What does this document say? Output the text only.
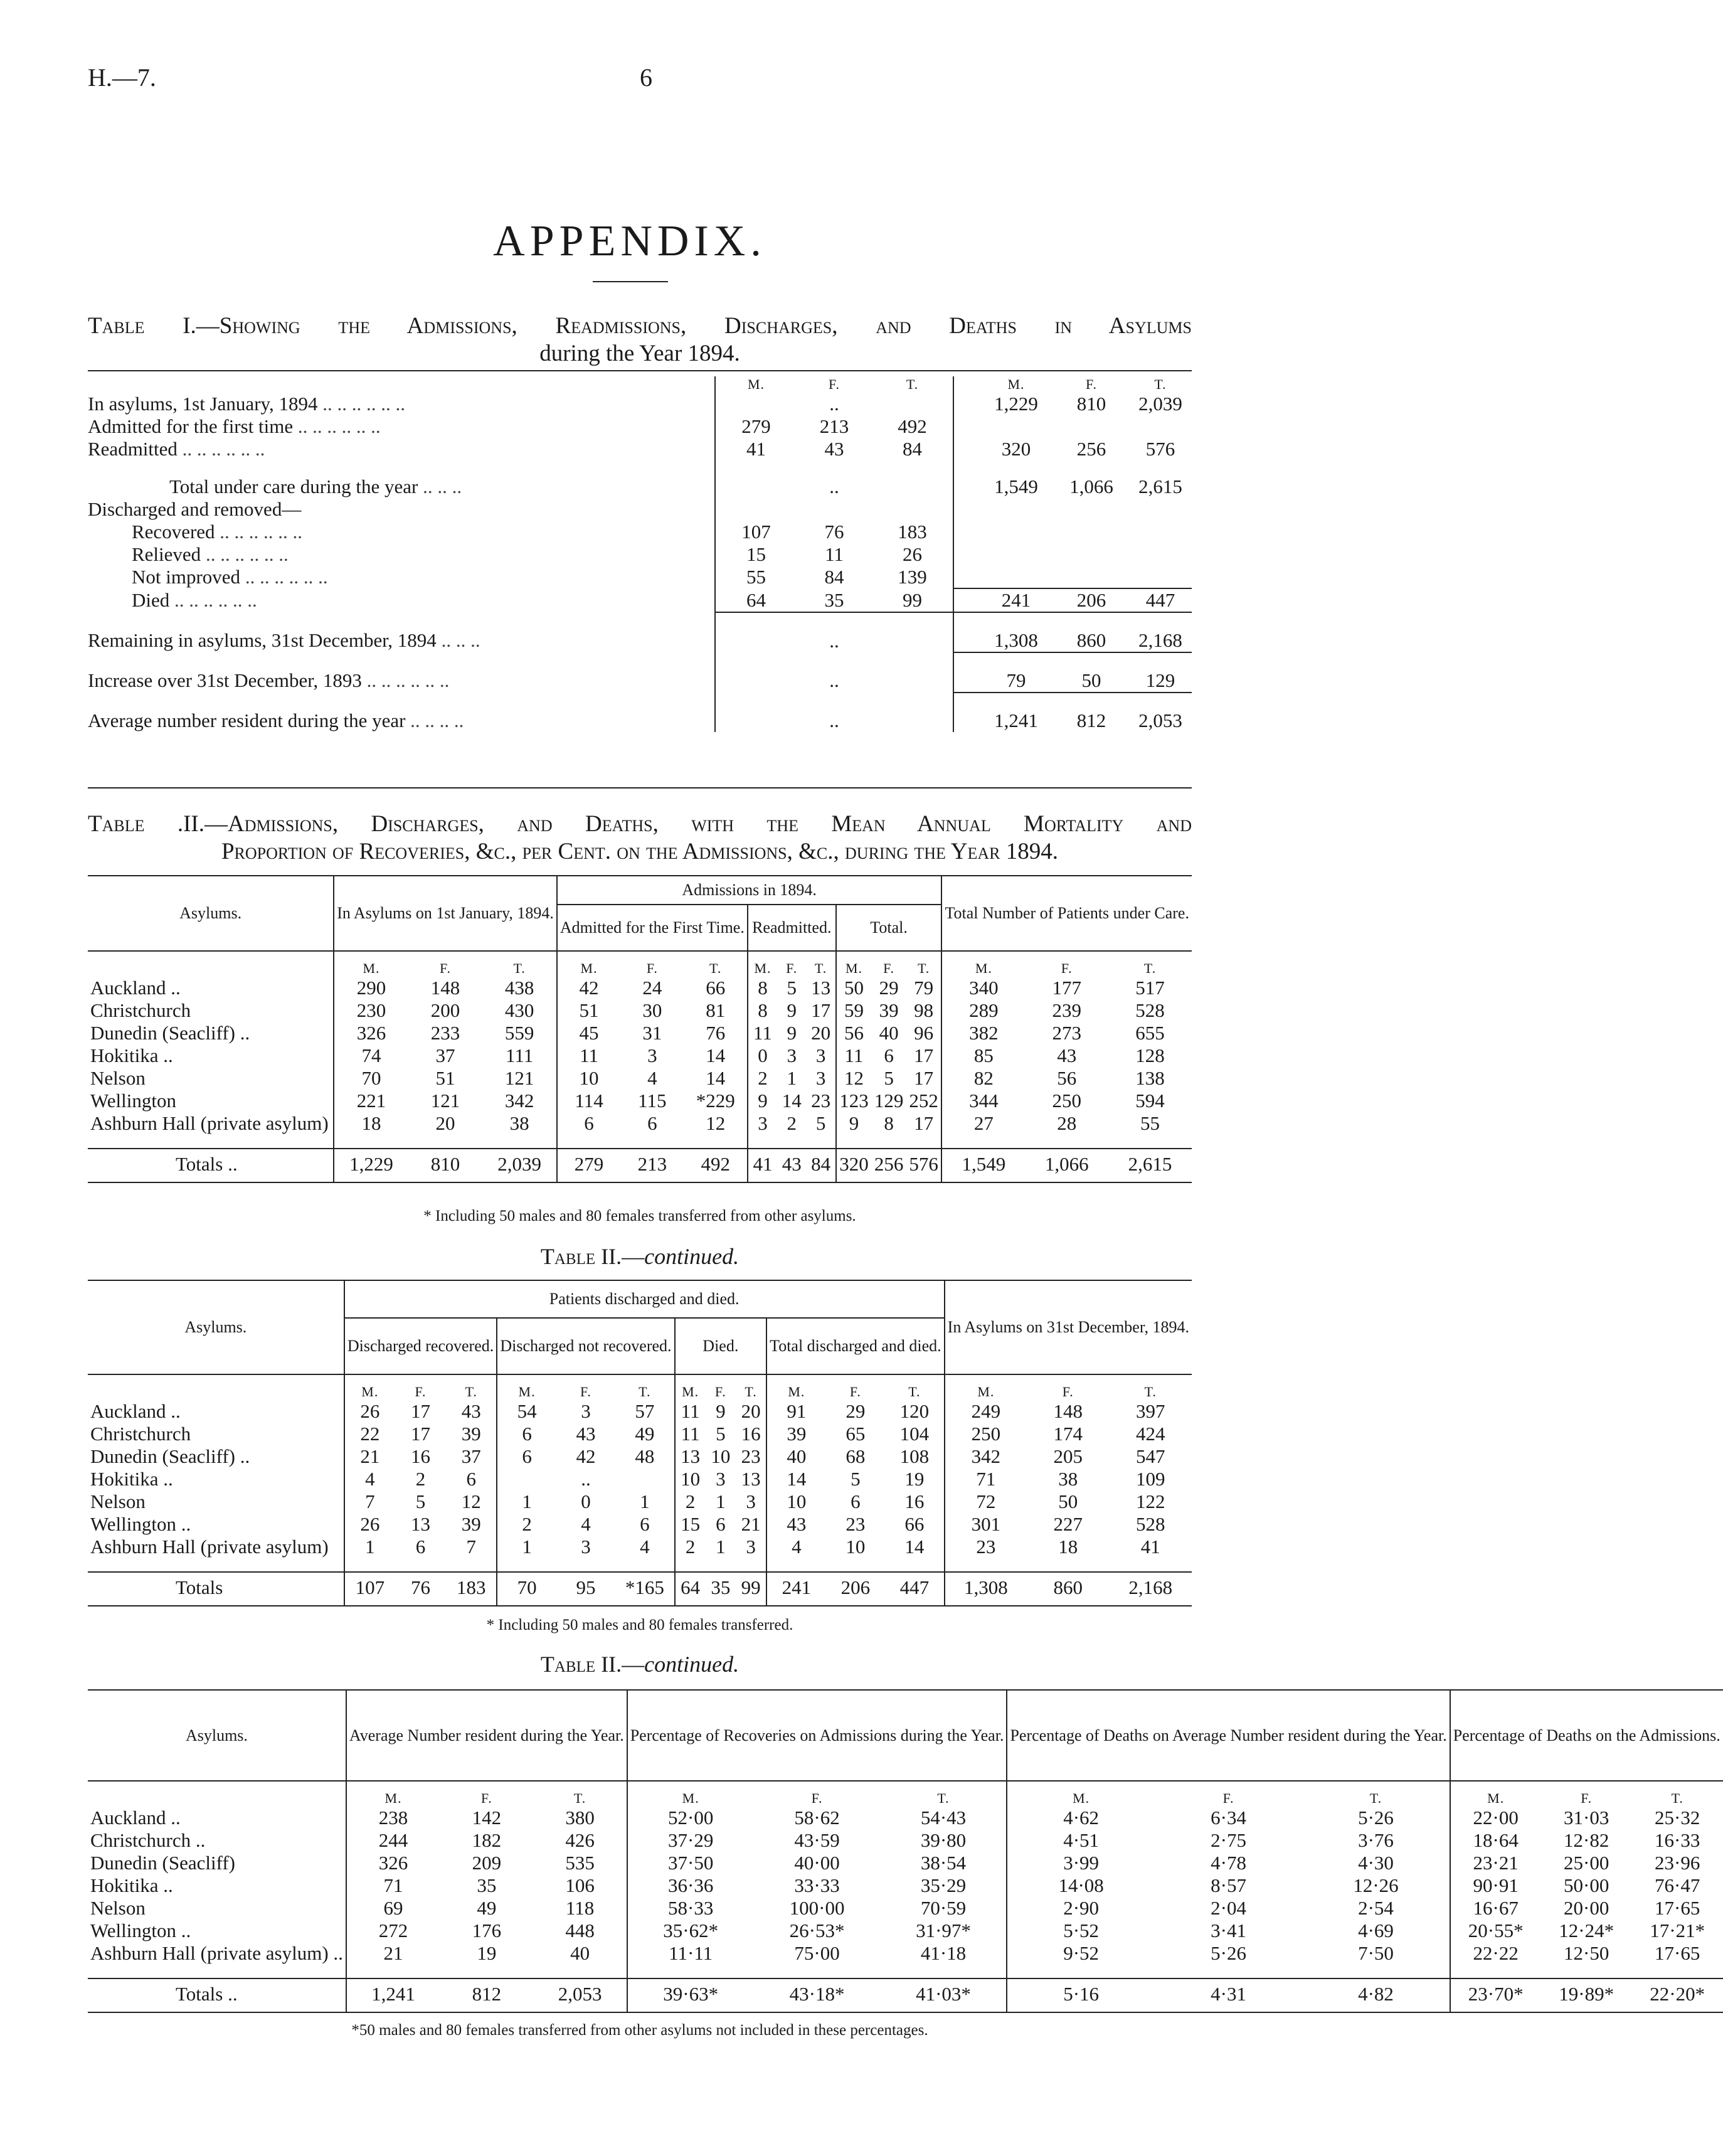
H.—7.	6
APPENDIX.
Table I.—Showing the Admissions, Readmissions, Discharges, and Deaths in Asylums
during the Year 1894.
	M.	F.	T.		M.	F.	T.
In asylums, 1st January, 1894 .. .. .. .. .. ..		..			1,229	810	2,039
Admitted for the first time .. .. .. .. .. ..	279	213	492				
Readmitted .. .. .. .. .. ..	41	43	84		320	256	576
Total under care during the year .. .. ..		..			1,549	1,066	2,615
Discharged and removed—							
Recovered .. .. .. .. .. ..	107	76	183				
Relieved .. .. .. .. .. ..	15	11	26				
Not improved .. .. .. .. .. ..	55	84	139				
Died .. .. .. .. .. ..	64	35	99		241	206	447
Remaining in asylums, 31st December, 1894 .. .. ..		..			1,308	860	2,168
Increase over 31st December, 1893 .. .. .. .. .. ..		..			79	50	129
Average number resident during the year .. .. .. ..		..			1,241	812	2,053
Table .II.—Admissions, Discharges, and Deaths, with the Mean Annual Mortality and
Proportion of Recoveries, &c., per Cent. on the Admissions, &c., during the Year 1894.
Asylums.	In Asylums on 1st January, 1894.			Admissions in 1894.									Total Number of Patients under Care.		
				Admitted for the First Time.			Readmitted.			Total.					
	M.	F.	T.	M.	F.	T.	M.	F.	T.	M.	F.	T.	M.	F.	T.
Auckland ..	290	148	438	42	24	66	8	5	13	50	29	79	340	177	517
Christchurch	230	200	430	51	30	81	8	9	17	59	39	98	289	239	528
Dunedin (Seacliff) ..	326	233	559	45	31	76	11	9	20	56	40	96	382	273	655
Hokitika ..	74	37	111	11	3	14	0	3	3	11	6	17	85	43	128
Nelson	70	51	121	10	4	14	2	1	3	12	5	17	82	56	138
Wellington	221	121	342	114	115	*229	9	14	23	123	129	252	344	250	594
Ashburn Hall (private asylum)	18	20	38	6	6	12	3	2	5	9	8	17	27	28	55

Totals ..	1,229	810	2,039	279	213	492	41	43	84	320	256	576	1,549	1,066	2,615
* Including 50 males and 80 females transferred from other asylums.
Table II.—continued.
Asylums.	Patients discharged and died.												In Asylums on 31st December, 1894.		
	Discharged recovered.			Discharged not recovered.			Died.			Total discharged and died.					
	M.	F.	T.	M.	F.	T.	M.	F.	T.	M.	F.	T.	M.	F.	T.
Auckland ..	26	17	43	54	3	57	11	9	20	91	29	120	249	148	397
Christchurch	22	17	39	6	43	49	11	5	16	39	65	104	250	174	424
Dunedin (Seacliff) ..	21	16	37	6	42	48	13	10	23	40	68	108	342	205	547
Hokitika ..	4	2	6		..		10	3	13	14	5	19	71	38	109
Nelson	7	5	12	1	0	1	2	1	3	10	6	16	72	50	122
Wellington ..	26	13	39	2	4	6	15	6	21	43	23	66	301	227	528
Ashburn Hall (private asylum)	1	6	7	1	3	4	2	1	3	4	10	14	23	18	41

Totals	107	76	183	70	95	*165	64	35	99	241	206	447	1,308	860	2,168
* Including 50 males and 80 females transferred.
Table II.—continued.
Asylums.	Average Number resident during the Year.			Percentage of Recoveries on Admissions during the Year.			Percentage of Deaths on Average Number resident during the Year.			Percentage of Deaths on the Admissions.		
	M.	F.	T.	M.	F.	T.	M.	F.	T.	M.	F.	T.
Auckland ..	238	142	380	52·00	58·62	54·43	4·62	6·34	5·26	22·00	31·03	25·32
Christchurch ..	244	182	426	37·29	43·59	39·80	4·51	2·75	3·76	18·64	12·82	16·33
Dunedin (Seacliff)	326	209	535	37·50	40·00	38·54	3·99	4·78	4·30	23·21	25·00	23·96
Hokitika ..	71	35	106	36·36	33·33	35·29	14·08	8·57	12·26	90·91	50·00	76·47
Nelson	69	49	118	58·33	100·00	70·59	2·90	2·04	2·54	16·67	20·00	17·65
Wellington ..	272	176	448	35·62*	26·53*	31·97*	5·52	3·41	4·69	20·55*	12·24*	17·21*
Ashburn Hall (private asylum) ..	21	19	40	11·11	75·00	41·18	9·52	5·26	7·50	22·22	12·50	17·65

Totals ..	1,241	812	2,053	39·63*	43·18*	41·03*	5·16	4·31	4·82	23·70*	19·89*	22·20*
*50 males and 80 females transferred from other asylums not included in these percentages.
